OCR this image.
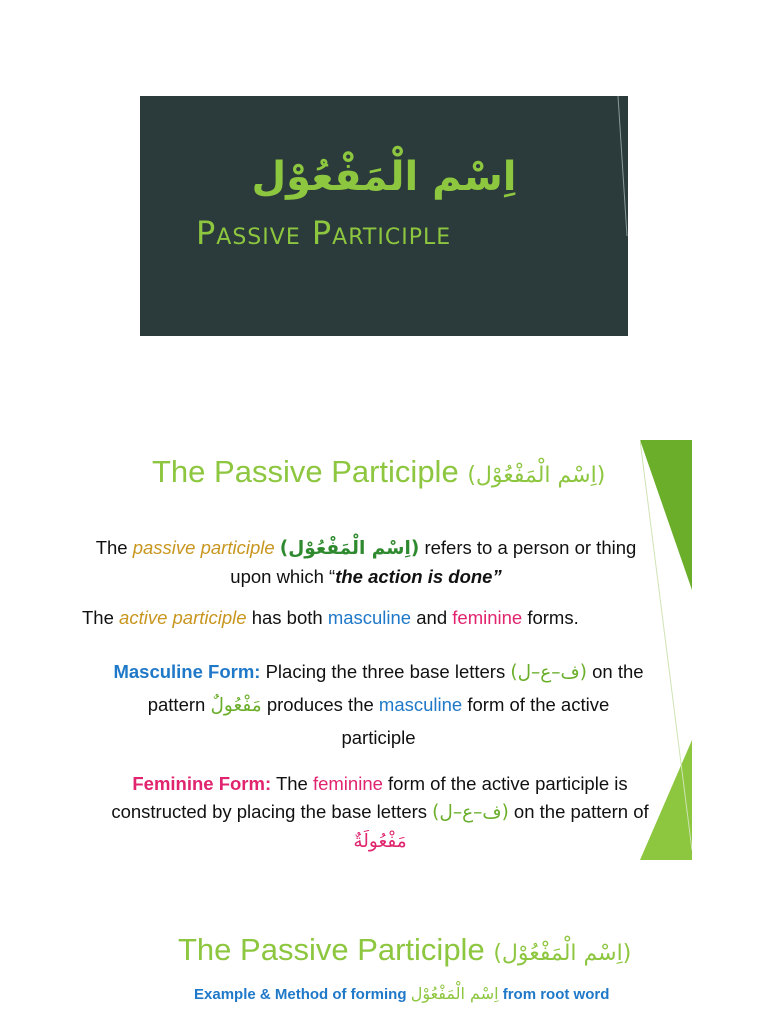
اِسْم الْمَفْعُوْل
Passive Participle
The Passive Participle (اِسْم الْمَفْعُوْل)
The passive participle (اِسْم الْمَفْعُوْل) refers to a person or thing
upon which “the action is done”
The active participle has both masculine and feminine forms.
Masculine Form: Placing the three base letters (ف–ع–ل) on the
pattern مَفْعُولٌ produces the masculine form of the active
participle
Feminine Form: The feminine form of the active participle is
constructed by placing the base letters (ف–ع–ل) on the pattern of
مَفْعُولَةٌ
The Passive Participle (اِسْم الْمَفْعُوْل)
Example & Method of forming اِسْم الْمَفْعُوْل from root word
